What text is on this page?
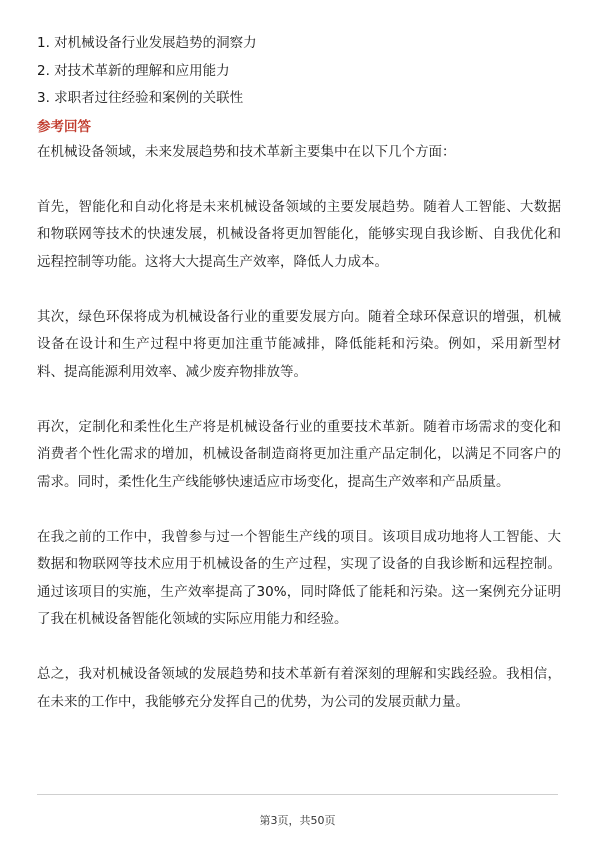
1. 对机械设备行业发展趋势的洞察力
2. 对技术革新的理解和应用能力
3. 求职者过往经验和案例的关联性
参考回答

在机械设备领域，未来发展趋势和技术革新主要集中在以下几个方面：

首先，智能化和自动化将是未来机械设备领域的主要发展趋势。随着人工智能、大数据和物联网等技术的快速发展，机械设备将更加智能化，能够实现自我诊断、自我优化和远程控制等功能。这将大大提高生产效率，降低人力成本。

其次，绿色环保将成为机械设备行业的重要发展方向。随着全球环保意识的增强，机械设备在设计和生产过程中将更加注重节能减排，降低能耗和污染。例如，采用新型材料、提高能源利用效率、减少废弃物排放等。

再次，定制化和柔性化生产将是机械设备行业的重要技术革新。随着市场需求的变化和消费者个性化需求的增加，机械设备制造商将更加注重产品定制化，以满足不同客户的需求。同时，柔性化生产线能够快速适应市场变化，提高生产效率和产品质量。

在我之前的工作中，我曾参与过一个智能生产线的项目。该项目成功地将人工智能、大数据和物联网等技术应用于机械设备的生产过程，实现了设备的自我诊断和远程控制。通过该项目的实施，生产效率提高了30%，同时降低了能耗和污染。这一案例充分证明了我在机械设备智能化领域的实际应用能力和经验。

总之，我对机械设备领域的发展趋势和技术革新有着深刻的理解和实践经验。我相信，在未来的工作中，我能够充分发挥自己的优势，为公司的发展贡献力量。

第3页，共50页
